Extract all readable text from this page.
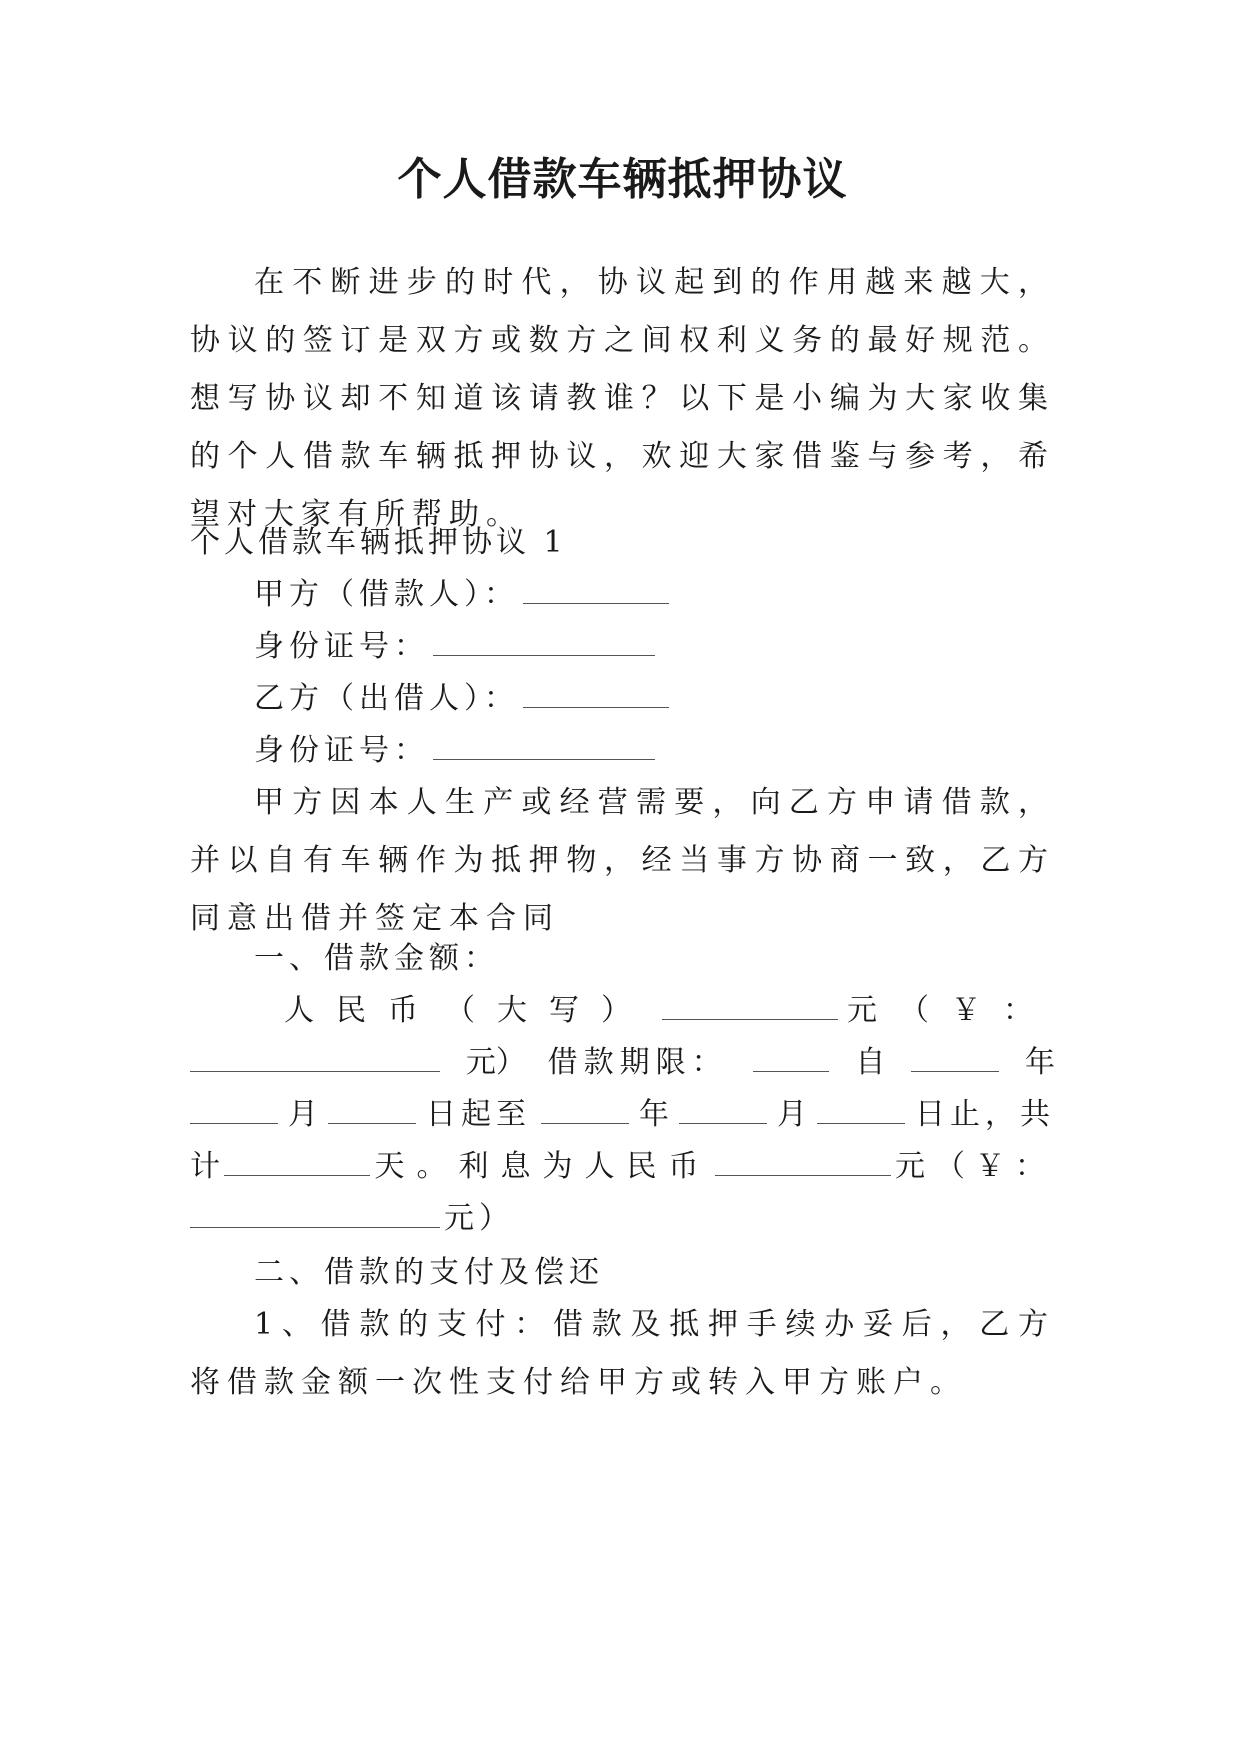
个人借款车辆抵押协议

在不断进步的时代，协议起到的作用越来越大，协议的签订是双方或数方之间权利义务的最好规范。想写协议却不知道该请教谁？以下是小编为大家收集的个人借款车辆抵押协议，欢迎大家借鉴与参考，希望对大家有所帮助。

个人借款车辆抵押协议 1

甲方（借款人）：

身份证号：

乙方（出借人）：

身份证号：

甲方因本人生产或经营需要，向乙方申请借款，并以自有车辆作为抵押物，经当事方协商一致，乙方同意出借并签定本合同

一、借款金额：

人民币 （大写）	元（￥：
元） 借款期限：	自	年
月	日起至	年	月	日止，共
计	天。利息为人民币	元（￥：

元）

二、借款的支付及偿还

1、借款的支付：借款及抵押手续办妥后，乙方将借款金额一次性支付给甲方或转入甲方账户。
